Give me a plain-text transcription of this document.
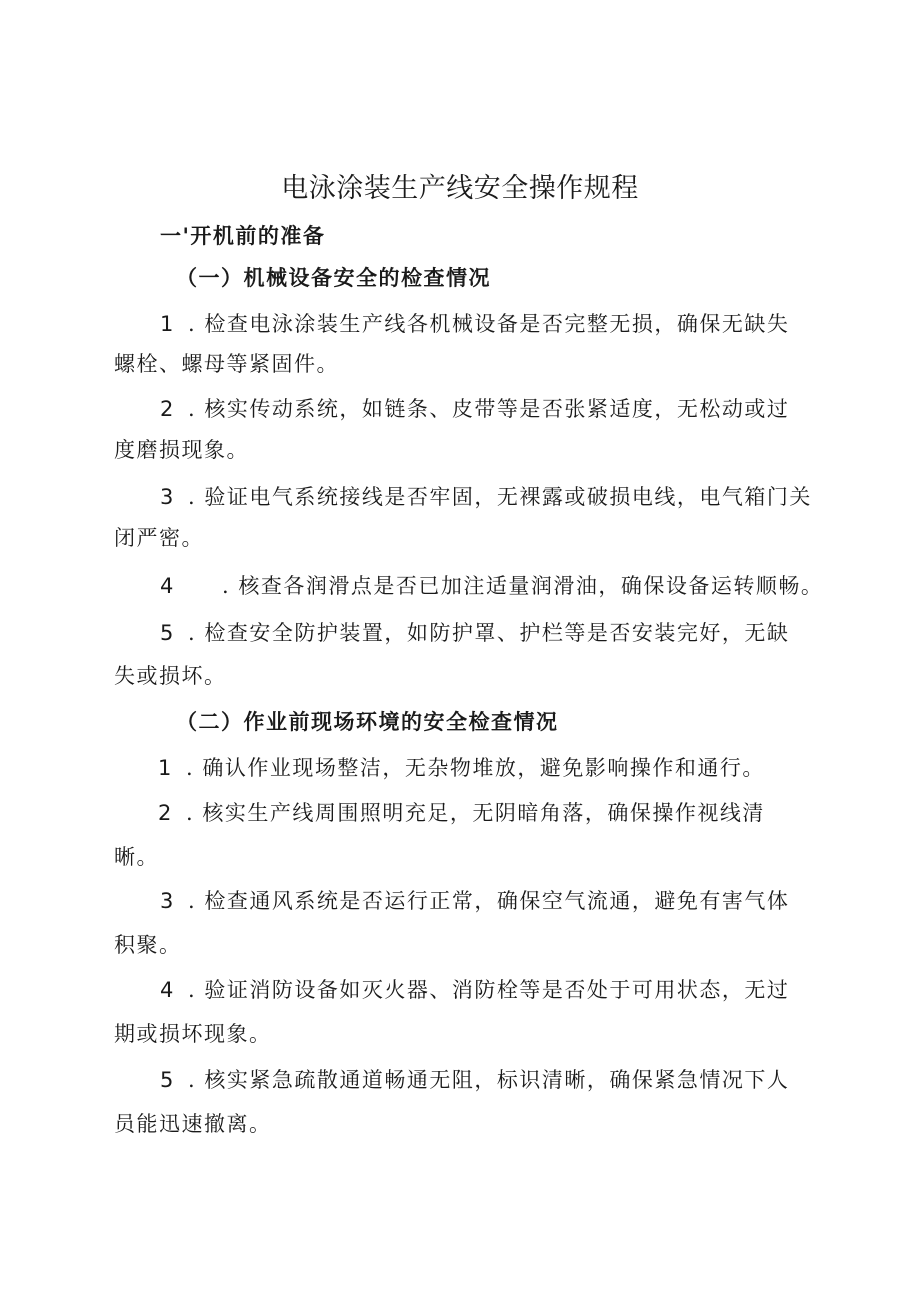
电泳涂装生产线安全操作规程
一'开机前的准备
（一）机械设备安全的检查情况
1 . 检查电泳涂装生产线各机械设备是否完整无损，确保无缺失
螺栓、螺母等紧固件。
2 . 核实传动系统，如链条、皮带等是否张紧适度，无松动或过
度磨损现象。
3 . 验证电气系统接线是否牢固，无裸露或破损电线，电气箱门关
闭严密。
4 . 核查各润滑点是否已加注适量润滑油，确保设备运转顺畅。
5 . 检查安全防护装置，如防护罩、护栏等是否安装完好，无缺
失或损坏。
（二）作业前现场环境的安全检查情况
1 . 确认作业现场整洁，无杂物堆放，避免影响操作和通行。
2 . 核实生产线周围照明充足，无阴暗角落，确保操作视线清
晰。
3 . 检查通风系统是否运行正常，确保空气流通，避免有害气体
积聚。
4 . 验证消防设备如灭火器、消防栓等是否处于可用状态，无过
期或损坏现象。
5 . 核实紧急疏散通道畅通无阻，标识清晰，确保紧急情况下人
员能迅速撤离。
